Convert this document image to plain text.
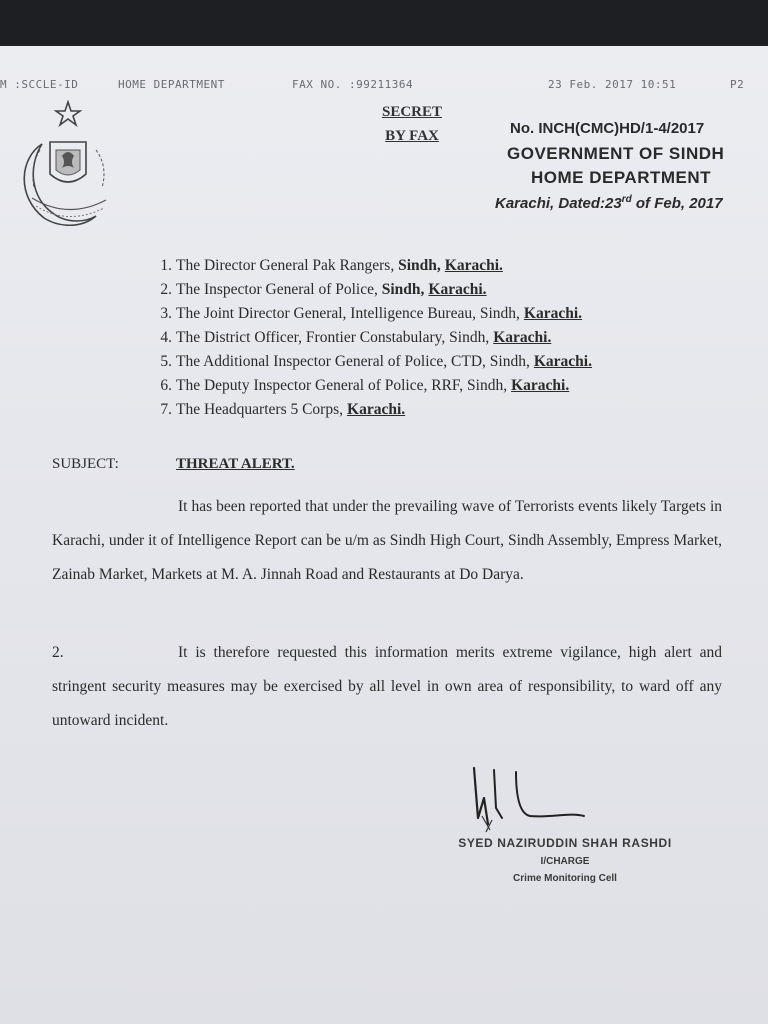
M :SCCLE-ID	HOME DEPARTMENT	FAX NO. :99211364	23 Feb. 2017 10:51	P2
SECRET
BY FAX	No. INCH(CMC)HD/1-4/2017
GOVERNMENT OF SINDH
HOME DEPARTMENT
Karachi, Dated:23rd of Feb, 2017
1. The Director General Pak Rangers, Sindh, Karachi.
2. The Inspector General of Police, Sindh, Karachi.
3. The Joint Director General, Intelligence Bureau, Sindh, Karachi.
4. The District Officer, Frontier Constabulary, Sindh, Karachi.
5. The Additional Inspector General of Police, CTD, Sindh, Karachi.
6. The Deputy Inspector General of Police, RRF, Sindh, Karachi.
7. The Headquarters 5 Corps, Karachi.
SUBJECT:	THREAT ALERT.

It has been reported that under the prevailing wave of Terrorists events likely Targets in Karachi, under it of Intelligence Report can be u/m as Sindh High Court, Sindh Assembly, Empress Market, Zainab Market, Markets at M. A. Jinnah Road and Restaurants at Do Darya.

2.	It is therefore requested this information merits extreme vigilance, high alert and stringent security measures may be exercised by all level in own area of responsibility, to ward off any untoward incident.

SYED NAZIRUDDIN SHAH RASHDI
I/CHARGE
Crime Monitoring Cell
